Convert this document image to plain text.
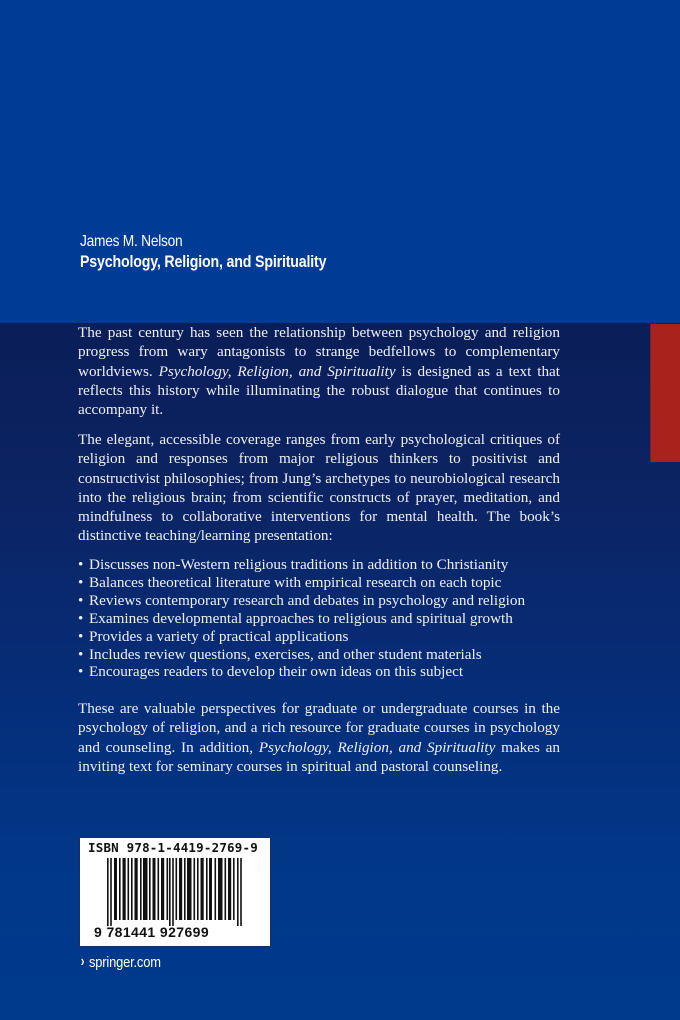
James M. Nelson
Psychology, Religion, and Spirituality

The past century has seen the relationship between psychology and religion progress from wary antagonists to strange bedfellows to complementary worldviews. Psychology, Religion, and Spirituality is designed as a text that reflects this history while illuminating the robust dialogue that continues to accompany it.

The elegant, accessible coverage ranges from early psychological critiques of religion and responses from major religious thinkers to positivist and constructivist philosophies; from Jung’s archetypes to neurobiological research into the religious brain; from scientific constructs of prayer, meditation, and mindfulness to collaborative interventions for mental health. The book’s distinctive teaching/learning presentation:

• Discusses non-Western religious traditions in addition to Christianity
• Balances theoretical literature with empirical research on each topic
• Reviews contemporary research and debates in psychology and religion
• Examines developmental approaches to religious and spiritual growth
• Provides a variety of practical applications
• Includes review questions, exercises, and other student materials
• Encourages readers to develop their own ideas on this subject

These are valuable perspectives for graduate or undergraduate courses in the psychology of religion, and a rich resource for graduate courses in psychology and counseling. In addition, Psychology, Religion, and Spirituality makes an inviting text for seminary courses in spiritual and pastoral counseling.

ISBN 978-1-4419-2769-9
9 781441 927699
› springer.com
